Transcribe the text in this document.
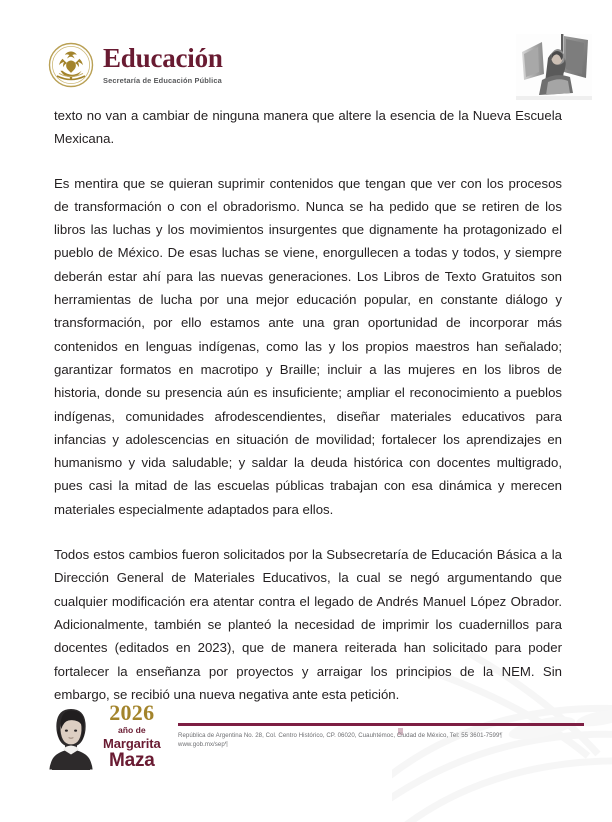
Educación
Secretaría de Educación Pública

texto no van a cambiar de ninguna manera que altere la esencia de la Nueva Escuela Mexicana.

Es mentira que se quieran suprimir contenidos que tengan que ver con los procesos de transformación o con el obradorismo. Nunca se ha pedido que se retiren de los libros las luchas y los movimientos insurgentes que dignamente ha protagonizado el pueblo de México. De esas luchas se viene, enorgullecen a todas y todos, y siempre deberán estar ahí para las nuevas generaciones. Los Libros de Texto Gratuitos son herramientas de lucha por una mejor educación popular, en constante diálogo y transformación, por ello estamos ante una gran oportunidad de incorporar más contenidos en lenguas indígenas, como las y los propios maestros han señalado; garantizar formatos en macrotipo y Braille; incluir a las mujeres en los libros de historia, donde su presencia aún es insuficiente; ampliar el reconocimiento a pueblos indígenas, comunidades afrodescendientes, diseñar materiales educativos para infancias y adolescencias en situación de movilidad; fortalecer los aprendizajes en humanismo y vida saludable; y saldar la deuda histórica con docentes multigrado, pues casi la mitad de las escuelas públicas trabajan con esa dinámica y merecen materiales especialmente adaptados para ellos.

Todos estos cambios fueron solicitados por la Subsecretaría de Educación Básica a la Dirección General de Materiales Educativos, la cual se negó argumentando que cualquier modificación era atentar contra el legado de Andrés Manuel López Obrador. Adicionalmente, también se planteó la necesidad de imprimir los cuadernillos para docentes (editados en 2023), que de manera reiterada han solicitado para poder fortalecer la enseñanza por proyectos y arraigar los principios de la NEM. Sin embargo, se recibió una nueva negativa ante esta petición.

2026
año de
Margarita
Maza
República de Argentina No. 28, Col. Centro Histórico, CP. 06020, Cuauhtémoc, Ciudad de México, Tel: 55 3601-7599¶
www.gob.mx/sep¶
